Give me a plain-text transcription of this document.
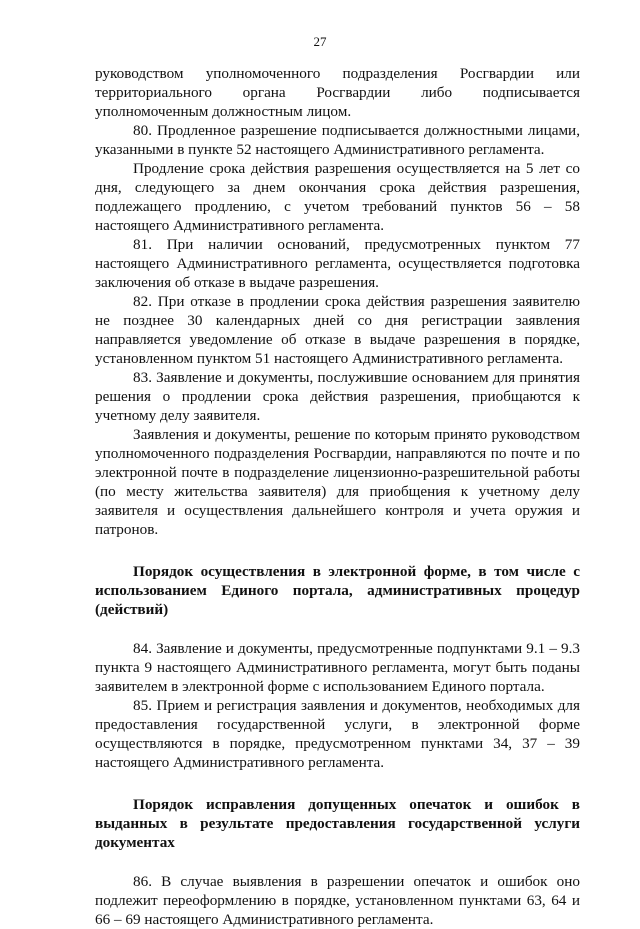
27

руководством уполномоченного подразделения Росгвардии или территориального органа Росгвардии либо подписывается уполномоченным должностным лицом.

80. Продленное разрешение подписывается должностными лицами, указанными в пункте 52 настоящего Административного регламента.

Продление срока действия разрешения осуществляется на 5 лет со дня, следующего за днем окончания срока действия разрешения, подлежащего продлению, с учетом требований пунктов 56 – 58 настоящего Административного регламента.

81. При наличии оснований, предусмотренных пунктом 77 настоящего Административного регламента, осуществляется подготовка заключения об отказе в выдаче разрешения.

82. При отказе в продлении срока действия разрешения заявителю не позднее 30 календарных дней со дня регистрации заявления направляется уведомление об отказе в выдаче разрешения в порядке, установленном пунктом 51 настоящего Административного регламента.

83. Заявление и документы, послужившие основанием для принятия решения о продлении срока действия разрешения, приобщаются к учетному делу заявителя.

Заявления и документы, решение по которым принято руководством уполномоченного подразделения Росгвардии, направляются по почте и по электронной почте в подразделение лицензионно-разрешительной работы (по месту жительства заявителя) для приобщения к учетному делу заявителя и осуществления дальнейшего контроля и учета оружия и патронов.

Порядок осуществления в электронной форме, в том числе с использованием Единого портала, административных процедур (действий)

84. Заявление и документы, предусмотренные подпунктами 9.1 – 9.3 пункта 9 настоящего Административного регламента, могут быть поданы заявителем в электронной форме с использованием Единого портала.

85. Прием и регистрация заявления и документов, необходимых для предоставления государственной услуги, в электронной форме осуществляются в порядке, предусмотренном пунктами 34, 37 – 39 настоящего Административного регламента.

Порядок исправления допущенных опечаток и ошибок в выданных в результате предоставления государственной услуги документах

86. В случае выявления в разрешении опечаток и ошибок оно подлежит переоформлению в порядке, установленном пунктами 63, 64 и 66 – 69 настоящего Административного регламента.
